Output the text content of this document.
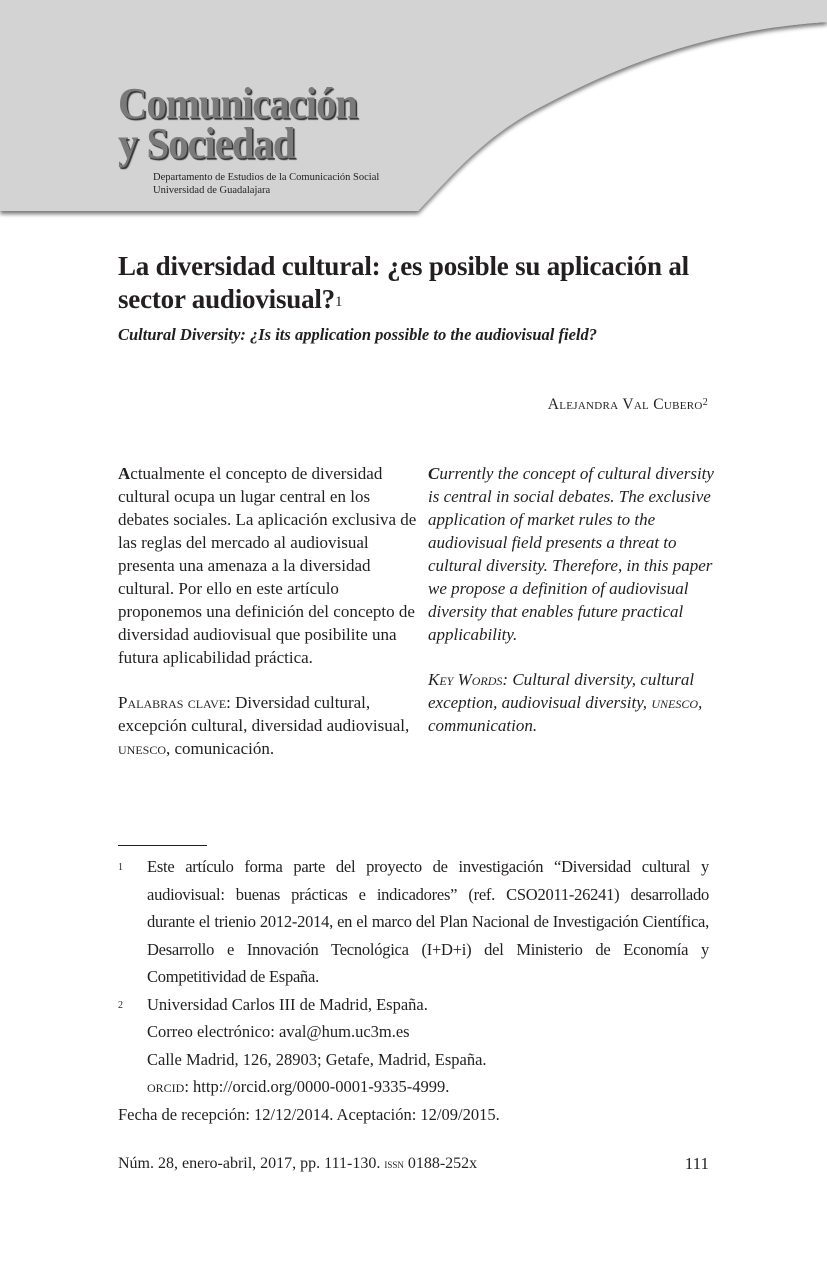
Comunicación
y Sociedad
Departamento de Estudios de la Comunicación Social
Universidad de Guadalajara
La diversidad cultural: ¿es posible su aplicación al sector audiovisual?$^1$
Cultural Diversity: ¿Is its application possible to the audiovisual field?
Alejandra Val Cubero$^2$

Actualmente el concepto de diversidad cultural ocupa un lugar central en los debates sociales. La aplicación exclusiva de las reglas del mercado al audiovisual presenta una amenaza a la diversidad cultural. Por ello en este artículo proponemos una definición del concepto de diversidad audiovisual que posibilite una futura aplicabilidad práctica.

Palabras clave: Diversidad cultural, excepción cultural, diversidad audiovisual, unesco, comunicación.

Currently the concept of cultural diversity is central in social debates. The exclusive application of market rules to the audiovisual field presents a threat to cultural diversity. Therefore, in this paper we propose a definition of audiovisual diversity that enables future practical applicability.

Key Words: Cultural diversity, cultural exception, audiovisual diversity, unesco, communication.

1 Este artículo forma parte del proyecto de investigación “Diversidad cultural y audiovisual: buenas prácticas e indicadores” (ref. CSO2011-26241) desarrollado durante el trienio 2012-2014, en el marco del Plan Nacional de Investigación Científica, Desarrollo e Innovación Tecnológica (I+D+i) del Ministerio de Economía y Competitividad de España.
2 Universidad Carlos III de Madrid, España.
Correo electrónico: aval@hum.uc3m.es
Calle Madrid, 126, 28903; Getafe, Madrid, España.
orcid: http://orcid.org/0000-0001-9335-4999.
Fecha de recepción: 12/12/2014. Aceptación: 12/09/2015.
Núm. 28, enero-abril, 2017, pp. 111-130. issn 0188-252x	111
